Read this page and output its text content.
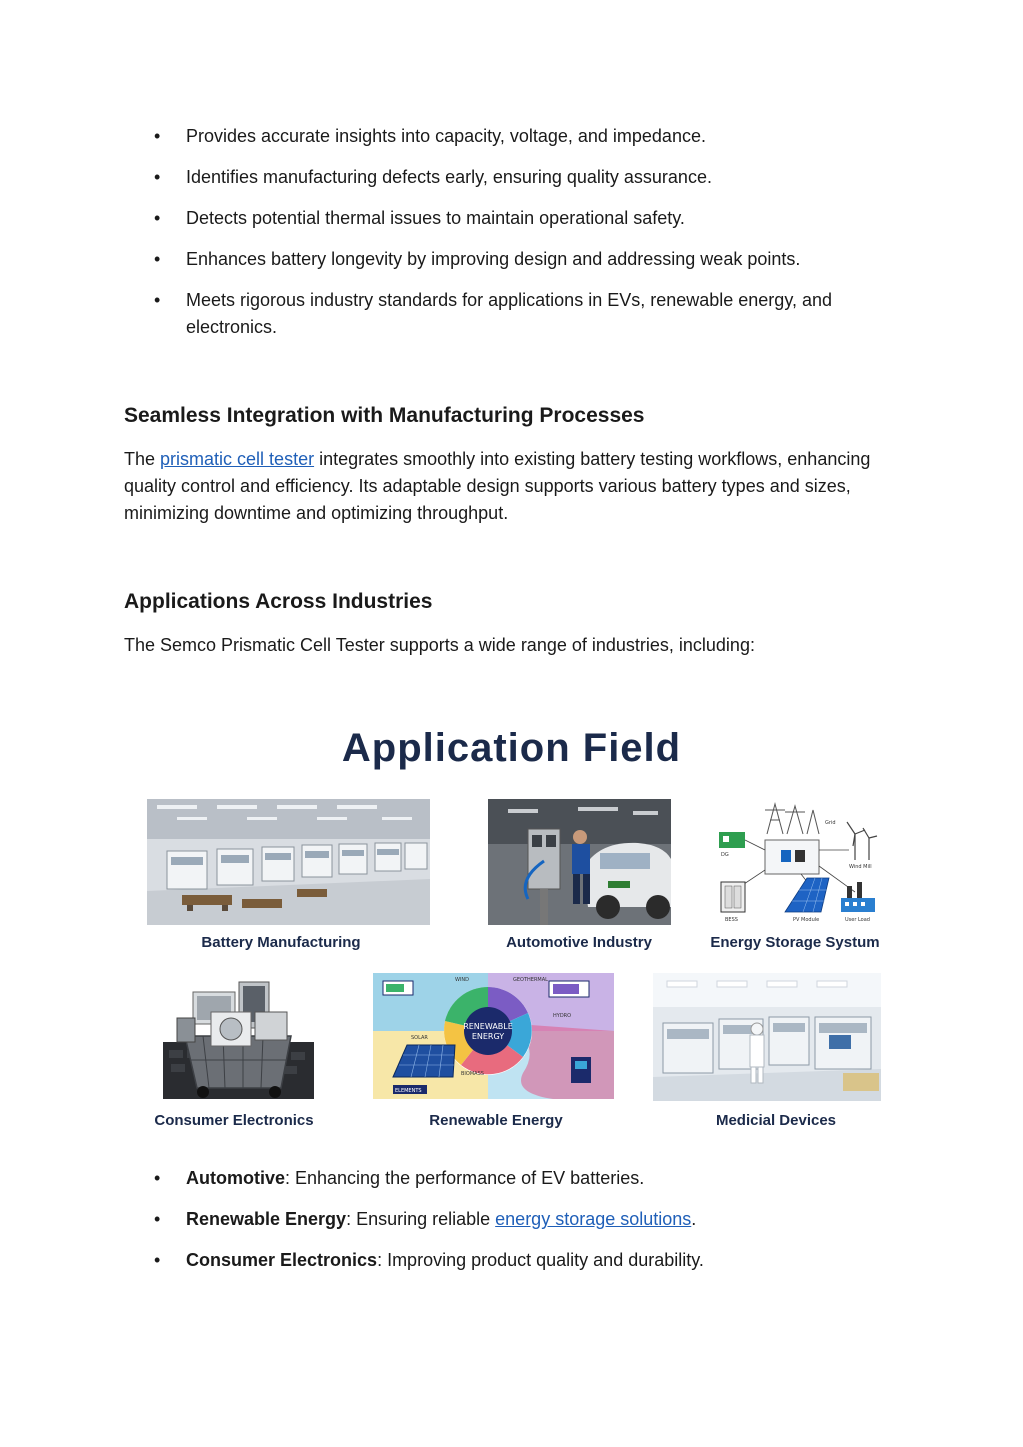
• Provides accurate insights into capacity, voltage, and impedance.
• Identifies manufacturing defects early, ensuring quality assurance.
• Detects potential thermal issues to maintain operational safety.
• Enhances battery longevity by improving design and addressing weak points.
• Meets rigorous industry standards for applications in EVs, renewable energy, and electronics.
Seamless Integration with Manufacturing Processes

The prismatic cell tester integrates smoothly into existing battery testing workflows, enhancing quality control and efficiency. Its adaptable design supports various battery types and sizes, minimizing downtime and optimizing throughput.

Applications Across Industries

The Semco Prismatic Cell Tester supports a wide range of industries, including:

Application Field
Battery Manufacturing	Automotive Industry
Grid
Wind Mill
DG
BESS	PV Module	User Load
Energy Storage Systum
Consumer Electronics
RENEWABLE
ENERGY
SOLAR
WIND	GEOTHERMAL
HYDRO
BIOMASS
ELEMENTS
Renewable Energy	Medicial Devices
• Automotive: Enhancing the performance of EV batteries.
• Renewable Energy: Ensuring reliable energy storage solutions.
• Consumer Electronics: Improving product quality and durability.
